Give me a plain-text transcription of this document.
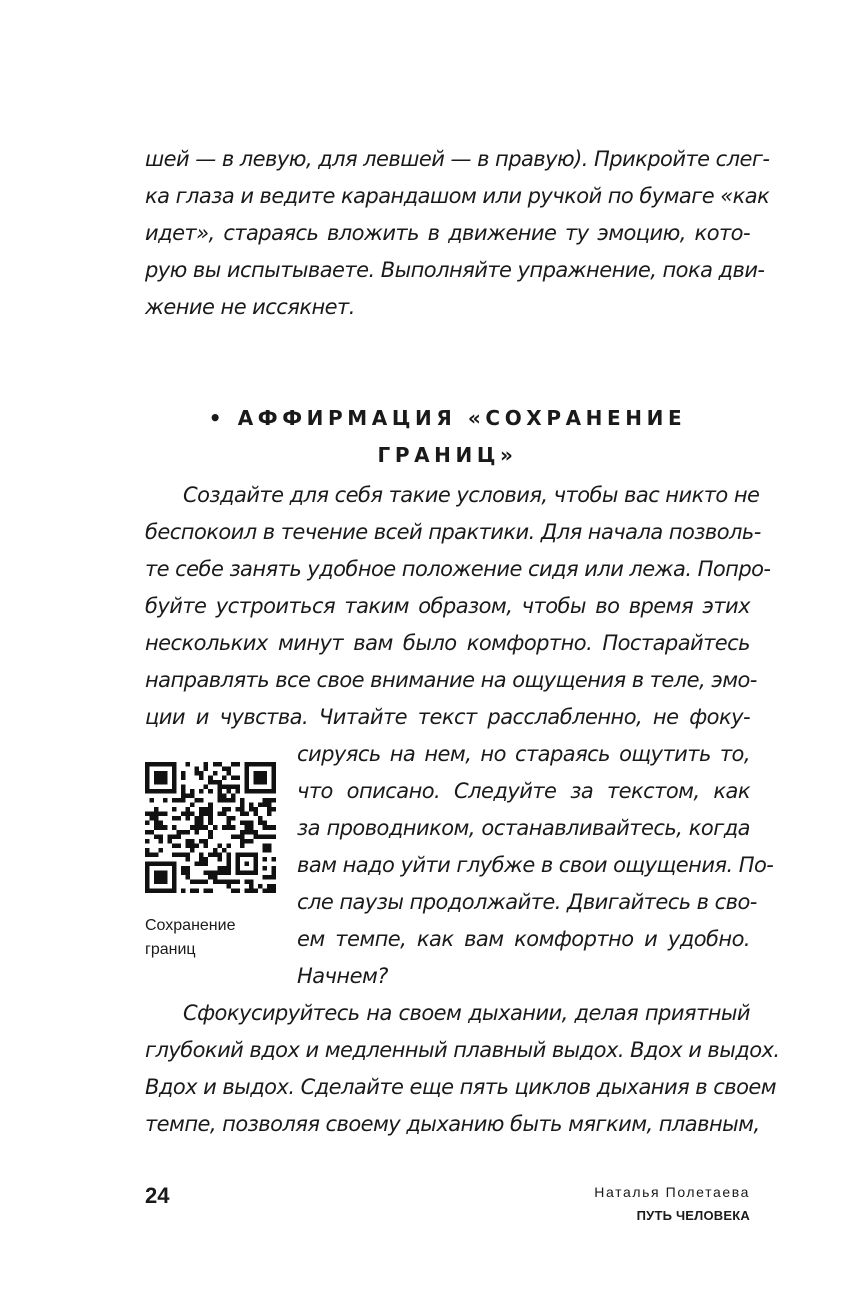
шей — в левую, для левшей — в правую). Прикройте слег-
ка глаза и ведите карандашом или ручкой по бумаге «как
идет», стараясь вложить в движение ту эмоцию, кото-
рую вы испытываете. Выполняйте упражнение, пока дви-
жение не иссякнет.
• АФФИРМАЦИЯ «СОХРАНЕНИЕ
ГРАНИЦ»
Создайте для себя такие условия, чтобы вас никто не
беспокоил в течение всей практики. Для начала позволь-
те себе занять удобное положение сидя или лежа. Попро-
буйте устроиться таким образом, чтобы во время этих
нескольких минут вам было комфортно. Постарайтесь
направлять все свое внимание на ощущения в теле, эмо-
ции и чувства. Читайте текст расслабленно, не фоку-
сируясь на нем, но стараясь ощутить то,
что описано. Следуйте за текстом, как
за проводником, останавливайтесь, когда
вам надо уйти глубже в свои ощущения. По-
сле паузы продолжайте. Двигайтесь в сво-
ем темпе, как вам комфортно и удобно.
Начнем?
Сохранение
границ
Сфокусируйтесь на своем дыхании, делая приятный
глубокий вдох и медленный плавный выдох. Вдох и выдох.
Вдох и выдох. Сделайте еще пять циклов дыхания в своем
темпе, позволяя своему дыханию быть мягким, плавным,
24	Наталья Полетаева
ПУТЬ ЧЕЛОВЕКА
